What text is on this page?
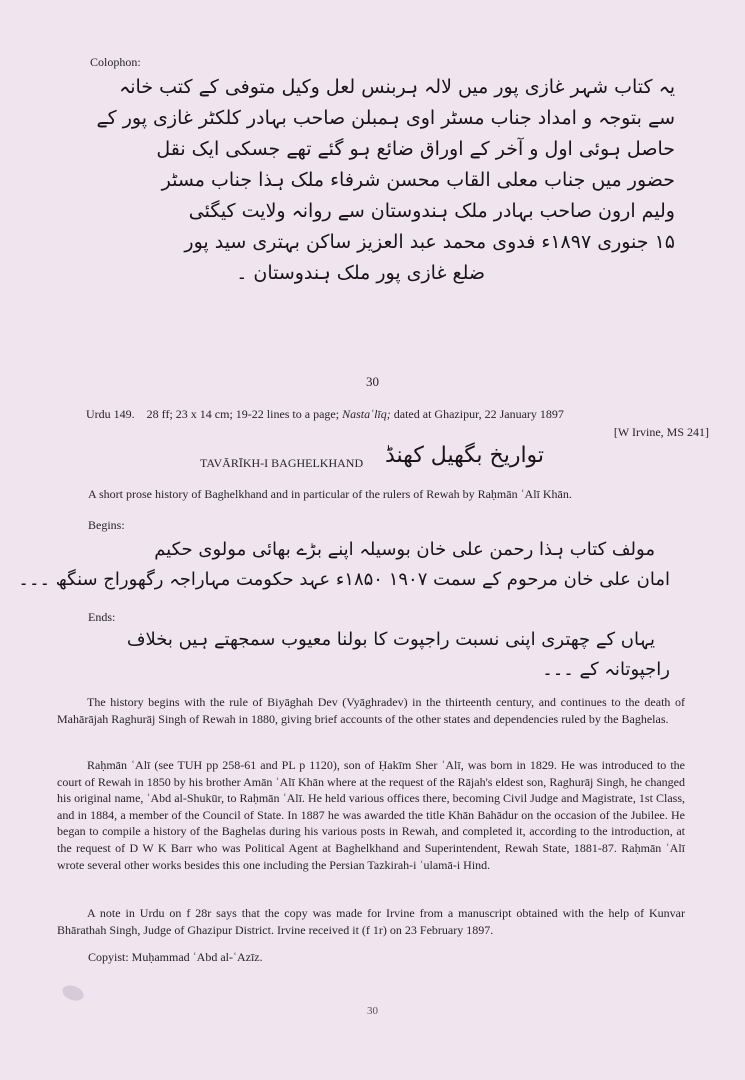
Colophon:
یہ کتاب شہر غازی پور میں لالہ ہربنس لعل وکیل متوفی کے کتب خانہ
سے بتوجہ و امداد جناب مسٹر اوی ہمبلن صاحب بہادر کلکٹر غازی پور کے
حاصل ہوئی اول و آخر کے اوراق ضائع ہو گئے تھے جسکی ایک نقل
حضور میں جناب معلی القاب محسن شرفاء ملک ہذا جناب مسٹر
ولیم ارون صاحب بہادر ملک ہندوستان سے روانہ ولایت کیگئی
۱۵ جنوری ۱۸۹۷ء فدوی محمد عبد العزیز ساکن بہتری سید پور
ضلع غازی پور ملک ہندوستان ۔
30
Urdu 149. 28 ff; 23 x 14 cm; 19-22 lines to a page; Nastaʿlīq; dated at Ghazipur, 22 January 1897
[W Irvine, MS 241]
TAVĀRĪKH-I BAGHELKHAND تواریخ بگھیل کھنڈ
A short prose history of Baghelkhand and in particular of the rulers of Rewah by Raḥmān ʿAlī Khān.
Begins:
مولف کتاب ہذا رحمن علی خان بوسیلہ اپنے بڑے بھائی مولوی حکیم
امان علی خان مرحوم کے سمت ۱۹۰۷ ۱۸۵۰ء عہد حکومت مہاراجہ رگھوراج سنگھ ۔۔۔
Ends:
یہاں کے چھتری اپنی نسبت راجپوت کا بولنا معیوب سمجھتے ہیں بخلاف
راجپوتانہ کے ۔۔۔
The history begins with the rule of Biyāghah Dev (Vyāghradev) in the thirteenth century, and continues to the death of Mahārājah Raghurāj Singh of Rewah in 1880, giving brief accounts of the other states and dependencies ruled by the Baghelas.
Raḥmān ʿAlī (see TUH pp 258-61 and PL p 1120), son of Ḥakīm Sher ʿAlī, was born in 1829. He was introduced to the court of Rewah in 1850 by his brother Amān ʿAlī Khān where at the request of the Rājah's eldest son, Raghurāj Singh, he changed his original name, ʿAbd al-Shukūr, to Raḥmān ʿAlī. He held various offices there, becoming Civil Judge and Magistrate, 1st Class, and in 1884, a member of the Council of State. In 1887 he was awarded the title Khān Bahādur on the occasion of the Jubilee. He began to compile a history of the Baghelas during his various posts in Rewah, and completed it, according to the introduction, at the request of D W K Barr who was Political Agent at Baghelkhand and Superintendent, Rewah State, 1881-87. Raḥmān ʿAlī wrote several other works besides this one including the Persian Tazkirah-i ʿulamā-i Hind.
A note in Urdu on f 28r says that the copy was made for Irvine from a manuscript obtained with the help of Kunvar Bhārathah Singh, Judge of Ghazipur District. Irvine received it (f 1r) on 23 February 1897.
Copyist: Muḥammad ʿAbd al-ʿAzīz.
30
